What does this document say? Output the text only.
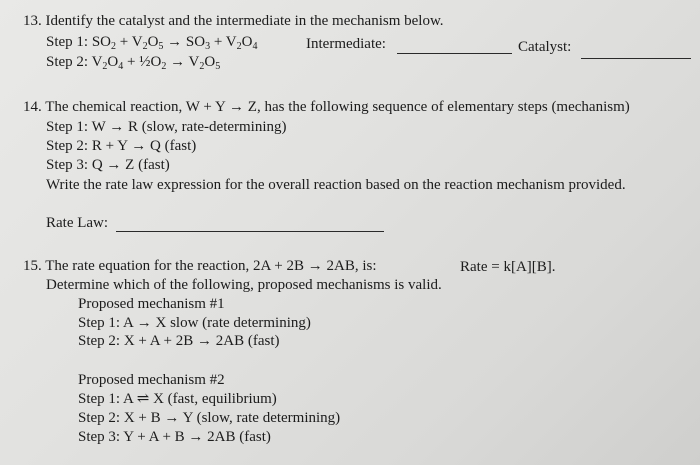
13. Identify the catalyst and the intermediate in the mechanism below.
Step 1: $SO_2 + V_2O_5 \to SO_3 + V_2O_4$	Intermediate:	Catalyst:
Step 2: $V_2O_4$ + $\frac{1}{2}O_2 \to V_2O_5$
14. The chemical reaction, W + Y → Z, has the following sequence of elementary steps (mechanism)
Step 1: W → R (slow, rate-determining)
Step 2: R + Y → Q (fast)
Step 3: Q → Z (fast)
Write the rate law expression for the overall reaction based on the reaction mechanism provided.
Rate Law:
15. The rate equation for the reaction, 2A + 2B → 2AB, is:	Rate = k[A][B].
Determine which of the following, proposed mechanisms is valid.
Proposed mechanism #1
Step 1: A → X slow (rate determining)
Step 2: X + A + 2B → 2AB (fast)
Proposed mechanism #2
Step 1: A ⇌ X (fast, equilibrium)
Step 2: X + B → Y (slow, rate determining)
Step 3: Y + A + B → 2AB (fast)
